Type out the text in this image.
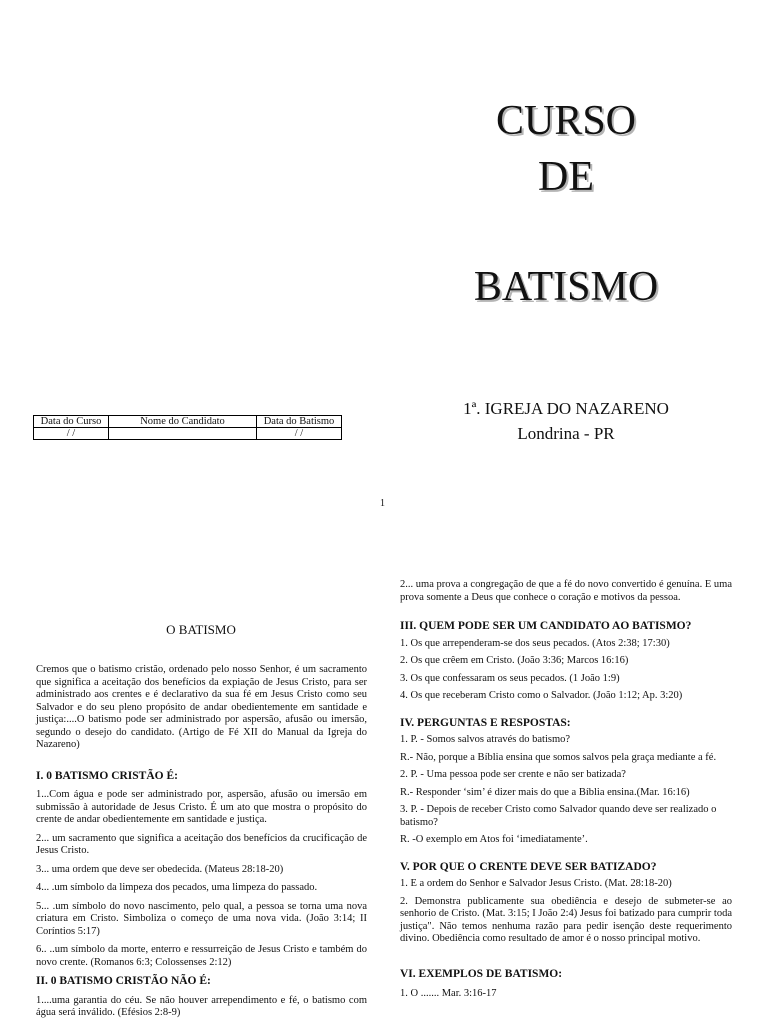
CURSO
DE
BATISMO
1ª. IGREJA DO NAZARENO
Londrina - PR
Data do Curso	Nome do Candidato	Data do Batismo
/ /		/ /
1
O BATISMO

Cremos que o batismo cristão, ordenado pelo nosso Senhor, é um sacramento que significa a aceitação dos benefícios da expiação de Jesus Cristo, para ser administrado aos crentes e é declarativo da sua fé em Jesus Cristo como seu Salvador e do seu pleno propósito de andar obedientemente em santidade e justiça:....O batismo pode ser administrado por aspersão, afusão ou imersão, segundo o desejo do candidato. (Artigo de Fé XII do Manual da Igreja do Nazareno)

I. 0 BATISMO CRISTÃO É:

1...Com água e pode ser administrado por, aspersão, afusão ou imersão em submissão à autoridade de Jesus Cristo. É um ato que mostra o propósito do crente de andar obedientemente em santidade e justiça.

2... um sacramento que significa a aceitação dos benefícios da crucificação de Jesus Cristo.

3... uma ordem que deve ser obedecida. (Mateus 28:18-20)

4... .um símbolo da limpeza dos pecados, uma limpeza do passado.

5... .um símbolo do novo nascimento, pelo qual, a pessoa se torna uma nova criatura em Cristo. Simboliza o começo de uma nova vida. (João 3:14; II Coríntios 5:17)

6.. ..um símbolo da morte, enterro e ressurreição de Jesus Cristo e também do novo crente. (Romanos 6:3; Colossenses 2:12)

II. 0 BATISMO CRISTÃO NÃO É:

1....uma garantia do céu. Se não houver arrependimento e fé, o batismo com água será inválido. (Efésios 2:8-9)

2... uma prova a congregação de que a fé do novo convertido é genuína. E uma prova somente a Deus que conhece o coração e motivos da pessoa.

III. QUEM PODE SER UM CANDIDATO AO BATISMO?

1. Os que arrependeram-se dos seus pecados. (Atos 2:38; 17:30)

2. Os que crêem em Cristo. (João 3:36; Marcos 16:16)

3. Os que confessaram os seus pecados. (1 João 1:9)

4. Os que receberam Cristo como o Salvador. (João 1:12; Ap. 3:20)

IV. PERGUNTAS E RESPOSTAS:

1. P. - Somos salvos através do batismo?

R.- Não, porque a Bíblia ensina que somos salvos pela graça mediante a fé.

2. P. - Uma pessoa pode ser crente e não ser batizada?

R.- Responder ‘sim’ é dizer mais do que a Bíblia ensina.(Mar. 16:16)

3. P. - Depois de receber Cristo como Salvador quando deve ser realizado o batismo?

R. -O exemplo em Atos foi ‘imediatamente’.

V. POR QUE O CRENTE DEVE SER BATIZADO?

1. E a ordem do Senhor e Salvador Jesus Cristo. (Mat. 28:18-20)

2. Demonstra publicamente sua obediência e desejo de submeter-se ao senhorio de Cristo. (Mat. 3:15; I João 2:4) Jesus foi batizado para cumprir toda justiça". Não temos nenhuma razão para pedir isenção deste requerimento divino. Obediência como resultado de amor é o nosso principal motivo.

VI. EXEMPLOS DE BATISMO:

1. O ....... Mar. 3:16-17
